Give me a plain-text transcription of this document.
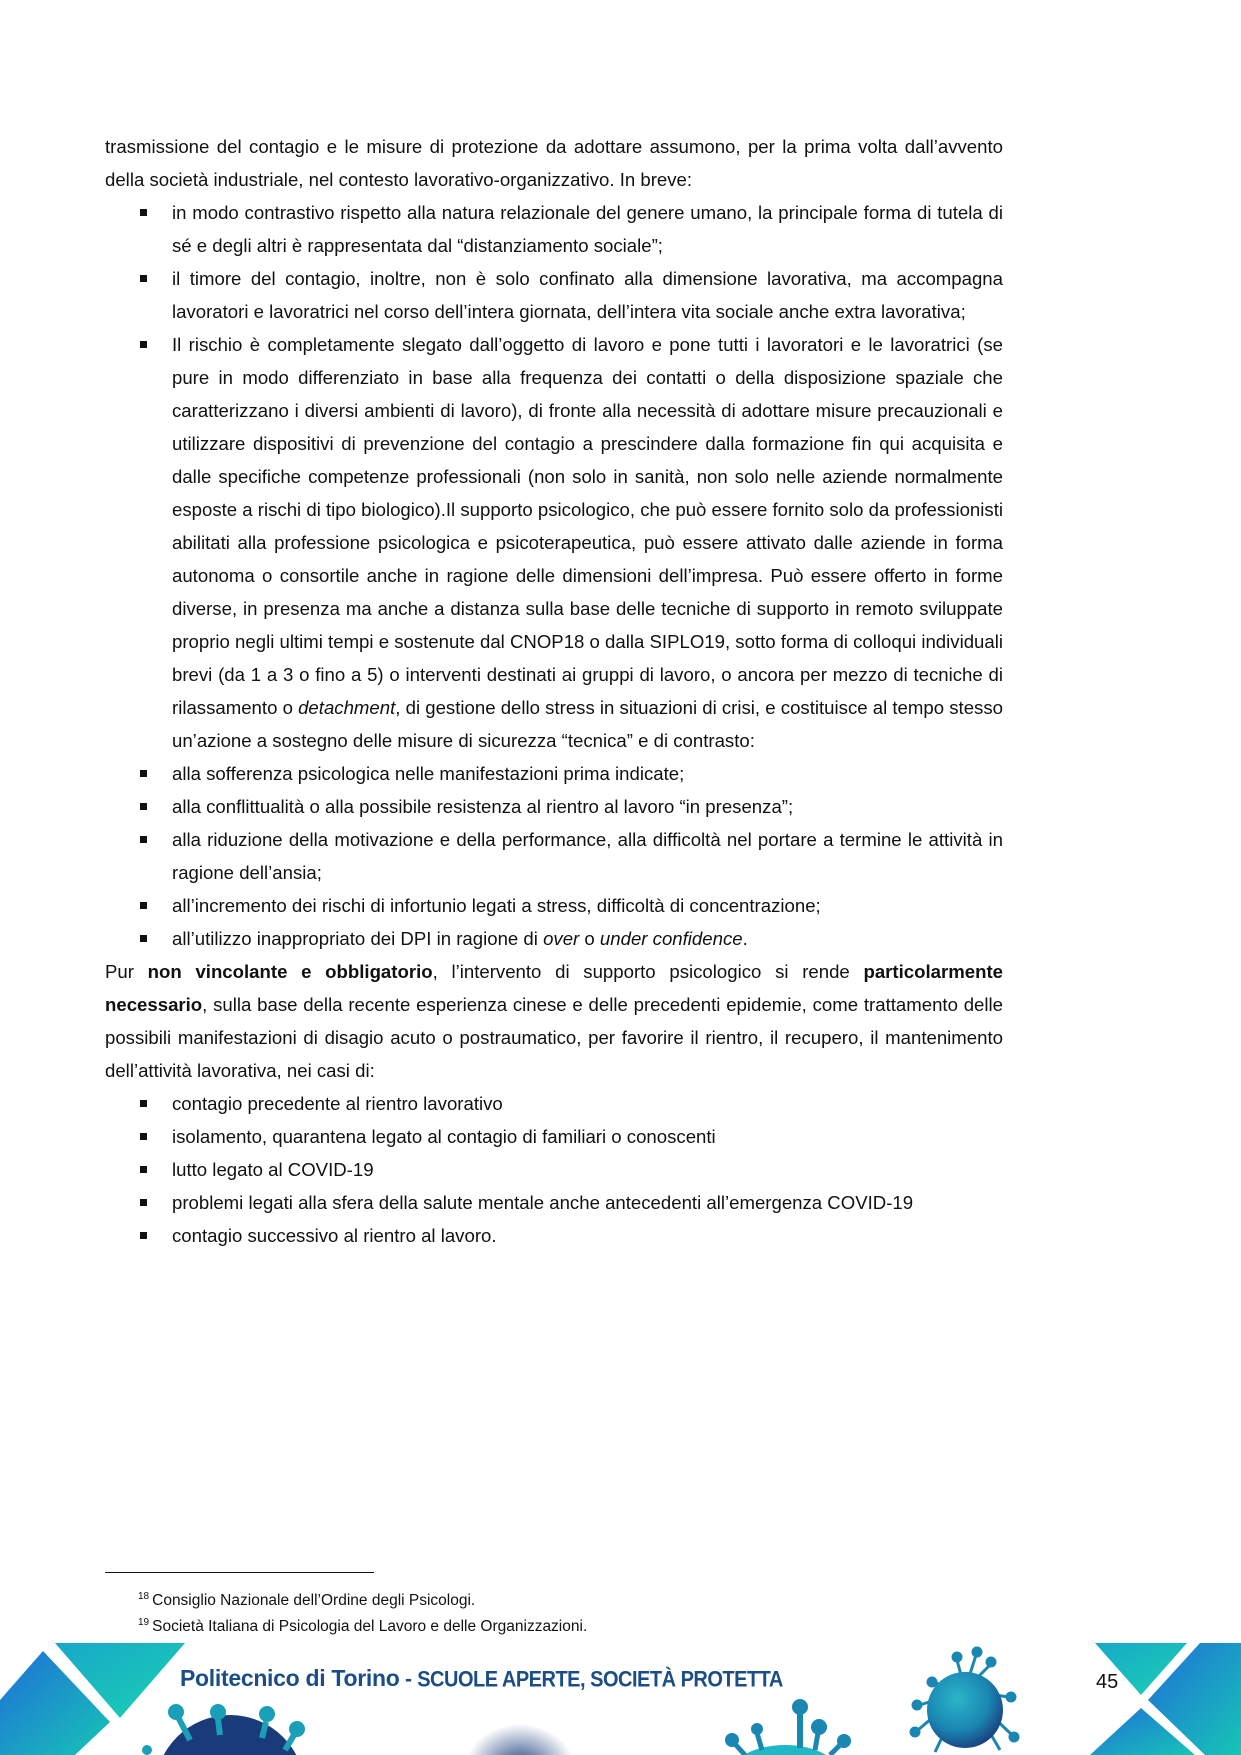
trasmissione del contagio e le misure di protezione da adottare assumono, per la prima volta dall’avvento della società industriale, nel contesto lavorativo-organizzativo. In breve:

in modo contrastivo rispetto alla natura relazionale del genere umano, la principale forma di tutela di sé e degli altri è rappresentata dal “distanziamento sociale”;
il timore del contagio, inoltre, non è solo confinato alla dimensione lavorativa, ma accompagna lavoratori e lavoratrici nel corso dell’intera giornata, dell’intera vita sociale anche extra lavorativa;
Il rischio è completamente slegato dall’oggetto di lavoro e pone tutti i lavoratori e le lavoratrici (se pure in modo differenziato in base alla frequenza dei contatti o della disposizione spaziale che caratterizzano i diversi ambienti di lavoro), di fronte alla necessità di adottare misure precauzionali e utilizzare dispositivi di prevenzione del contagio a prescindere dalla formazione fin qui acquisita e dalle specifiche competenze professionali (non solo in sanità, non solo nelle aziende normalmente esposte a rischi di tipo biologico).Il supporto psicologico, che può essere fornito solo da professionisti abilitati alla professione psicologica e psicoterapeutica, può essere attivato dalle aziende in forma autonoma o consortile anche in ragione delle dimensioni dell’impresa. Può essere offerto in forme diverse, in presenza ma anche a distanza sulla base delle tecniche di supporto in remoto sviluppate proprio negli ultimi tempi e sostenute dal CNOP18 o dalla SIPLO19, sotto forma di colloqui individuali brevi (da 1 a 3 o fino a 5) o interventi destinati ai gruppi di lavoro, o ancora per mezzo di tecniche di rilassamento o detachment, di gestione dello stress in situazioni di crisi, e costituisce al tempo stesso un’azione a sostegno delle misure di sicurezza “tecnica” e di contrasto:
alla sofferenza psicologica nelle manifestazioni prima indicate;
alla conflittualità o alla possibile resistenza al rientro al lavoro “in presenza”;
alla riduzione della motivazione e della performance, alla difficoltà nel portare a termine le attività in ragione dell’ansia;
all’incremento dei rischi di infortunio legati a stress, difficoltà di concentrazione;
all’utilizzo inappropriato dei DPI in ragione di over o under confidence.

Pur non vincolante e obbligatorio, l’intervento di supporto psicologico si rende particolarmente necessario, sulla base della recente esperienza cinese e delle precedenti epidemie, come trattamento delle possibili manifestazioni di disagio acuto o postraumatico, per favorire il rientro, il recupero, il mantenimento dell’attività lavorativa, nei casi di:

contagio precedente al rientro lavorativo
isolamento, quarantena legato al contagio di familiari o conoscenti
lutto legato al COVID-19
problemi legati alla sfera della salute mentale anche antecedenti all’emergenza COVID-19
contagio successivo al rientro al lavoro.
$^{18}$ Consiglio Nazionale dell’Ordine degli Psicologi.
$^{19}$ Società Italiana di Psicologia del Lavoro e delle Organizzazioni.
Politecnico di Torino - SCUOLE APERTE, SOCIETÀ PROTETTA	45
